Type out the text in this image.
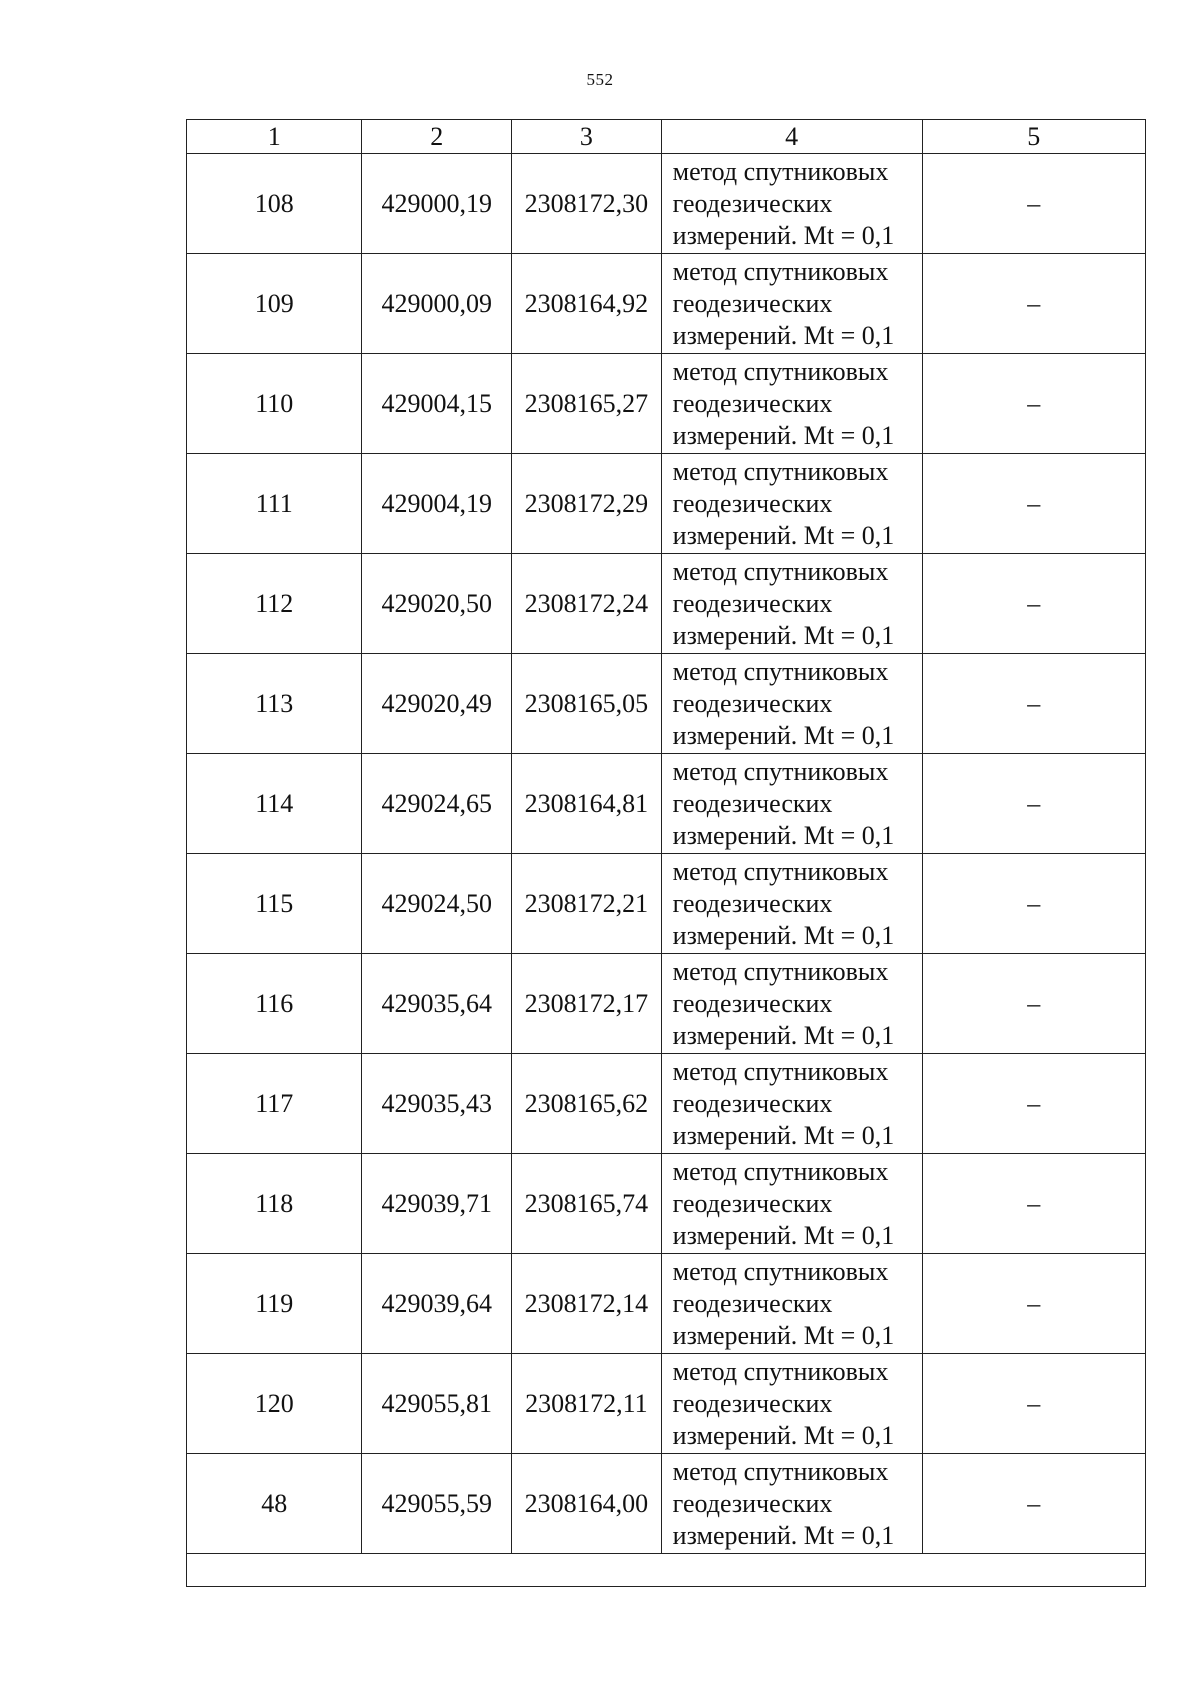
552
1	2	3	4	5
108	429000,19	2308172,30	метод спутниковых
геодезических
измерений. Mt = 0,1	–
109	429000,09	2308164,92	метод спутниковых
геодезических
измерений. Mt = 0,1	–
110	429004,15	2308165,27	метод спутниковых
геодезических
измерений. Mt = 0,1	–
111	429004,19	2308172,29	метод спутниковых
геодезических
измерений. Mt = 0,1	–
112	429020,50	2308172,24	метод спутниковых
геодезических
измерений. Mt = 0,1	–
113	429020,49	2308165,05	метод спутниковых
геодезических
измерений. Mt = 0,1	–
114	429024,65	2308164,81	метод спутниковых
геодезических
измерений. Mt = 0,1	–
115	429024,50	2308172,21	метод спутниковых
геодезических
измерений. Mt = 0,1	–
116	429035,64	2308172,17	метод спутниковых
геодезических
измерений. Mt = 0,1	–
117	429035,43	2308165,62	метод спутниковых
геодезических
измерений. Mt = 0,1	–
118	429039,71	2308165,74	метод спутниковых
геодезических
измерений. Mt = 0,1	–
119	429039,64	2308172,14	метод спутниковых
геодезических
измерений. Mt = 0,1	–
120	429055,81	2308172,11	метод спутниковых
геодезических
измерений. Mt = 0,1	–
48	429055,59	2308164,00	метод спутниковых
геодезических
измерений. Mt = 0,1	–
